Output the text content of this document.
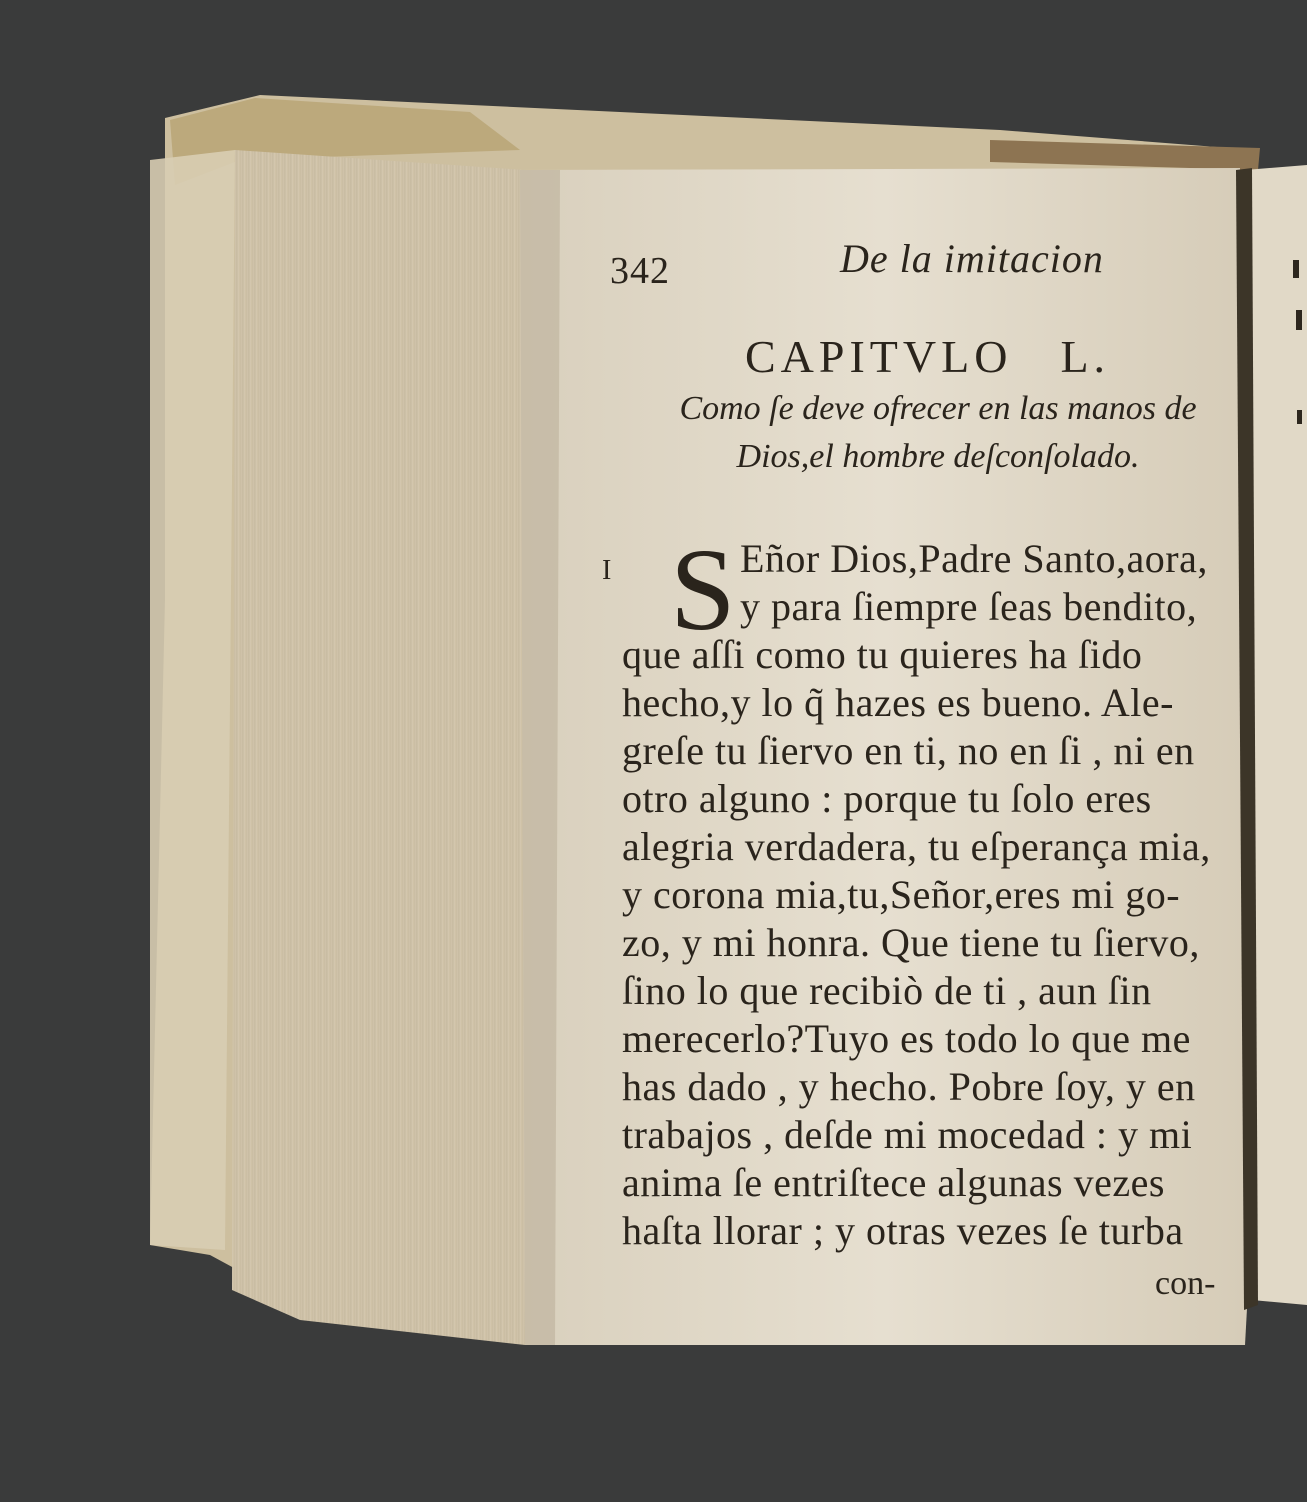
342	De la imitacion
CAPITVLO L.
Como ſe deve ofrecer en las manos de
Dios,el hombre deſconſolado.
I S Eñor Dios,Padre Santo,aora,
y para ſiempre ſeas bendito,
que aſſi como tu quieres ha ſido
hecho,y lo q̃ hazes es bueno. Ale-
greſe tu ſiervo en ti, no en ſi , ni en
otro alguno : porque tu ſolo eres
alegria verdadera, tu eſperança mia,
y corona mia,tu,Señor,eres mi go-
zo, y mi honra. Que tiene tu ſiervo,
ſino lo que recibiò de ti , aun ſin
merecerlo?Tuyo es todo lo que me
has dado , y hecho. Pobre ſoy, y en
trabajos , deſde mi mocedad : y mi
anima ſe entriſtece algunas vezes
haſta llorar ; y otras vezes ſe turba
con-
